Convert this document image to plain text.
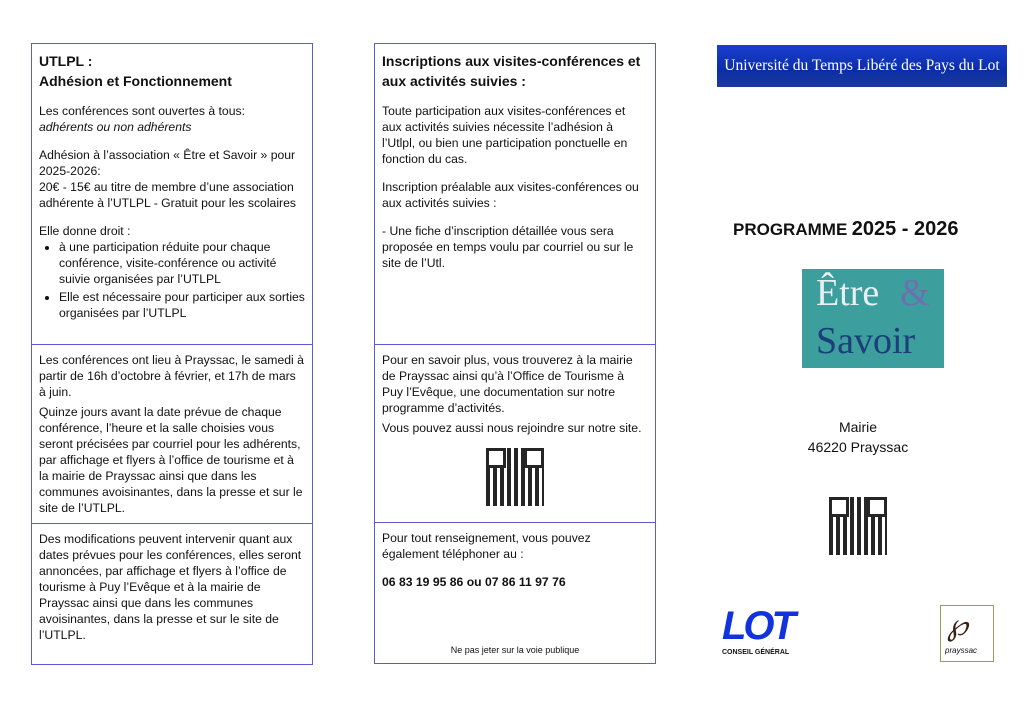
UTLPL :

Adhésion et Fonctionnement

Les conférences sont ouvertes à tous:

adhérents ou non adhérents

Adhésion à l’association « Être et Savoir » pour 2025-2026:

20€ - 15€ au titre de membre d’une association adhérente à l’UTLPL - Gratuit pour les scolaires

Elle donne droit :

• à une participation réduite pour chaque conférence, visite-conférence ou activité suivie organisées par l’UTLPL
• Elle est nécessaire pour participer aux sorties organisées par l’UTLPL

Les conférences ont lieu à Prayssac, le samedi à partir de 16h d’octobre à février, et 17h de mars à juin.

Quinze jours avant la date prévue de chaque conférence, l’heure et la salle choisies vous seront précisées par courriel pour les adhérents, par affichage et flyers à l’office de tourisme et à la mairie de Prayssac ainsi que dans les communes avoisinantes, dans la presse et sur le site de l’UTLPL.

Des modifications peuvent intervenir quant aux dates prévues pour les conférences, elles seront annoncées, par affichage et flyers à l’office de tourisme à Puy l’Evêque et à la mairie de Prayssac ainsi que dans les communes avoisinantes, dans la presse et sur le site de l’UTLPL.

Inscriptions aux visites-conférences et aux activités suivies :

Toute participation aux visites-conférences et aux activités suivies nécessite l’adhésion à l’Utlpl, ou bien une participation ponctuelle en fonction du cas.

Inscription préalable aux visites-conférences ou aux activités suivies :

- Une fiche d’inscription détaillée vous sera proposée en temps voulu par courriel ou sur le site de l’Utl.

Pour en savoir plus, vous trouverez à la mairie de Prayssac ainsi qu’à l’Office de Tourisme à Puy l’Evêque, une documentation sur notre programme d’activités.

Vous pouvez aussi nous rejoindre sur notre site.

Pour tout renseignement, vous pouvez également téléphoner au :

06 83 19 95 86 ou 07 86 11 97 76

Ne pas jeter sur la voie publique

Université du Temps Libéré des Pays du Lot
PROGRAMME 2025 - 2026
Être &
Savoir

Mairie

46220 Prayssac

LOT
CONSEIL GÉNÉRAL
℘
prayssac
